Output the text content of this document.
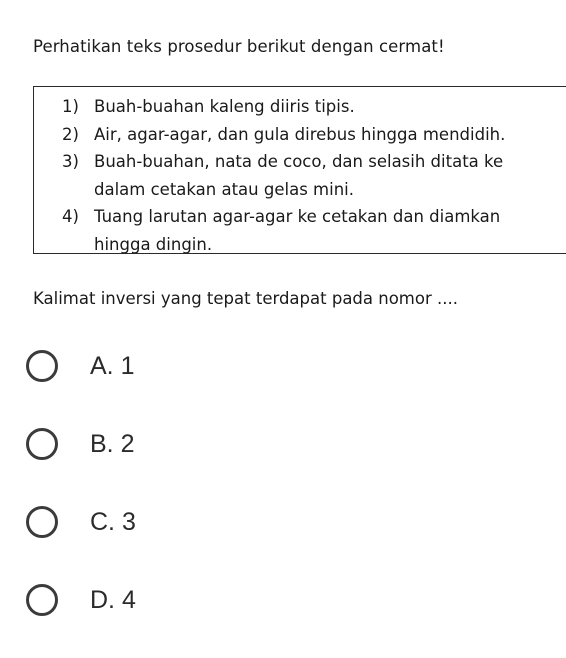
Perhatikan teks prosedur berikut dengan cermat!
1) Buah-buahan kaleng diiris tipis.
2) Air, agar-agar, dan gula direbus hingga mendidih.
3) Buah-buahan, nata de coco, dan selasih ditata ke
dalam cetakan atau gelas mini.
4) Tuang larutan agar-agar ke cetakan dan diamkan
hingga dingin.
Kalimat inversi yang tepat terdapat pada nomor ....
A. 1
B. 2
C. 3
D. 4
